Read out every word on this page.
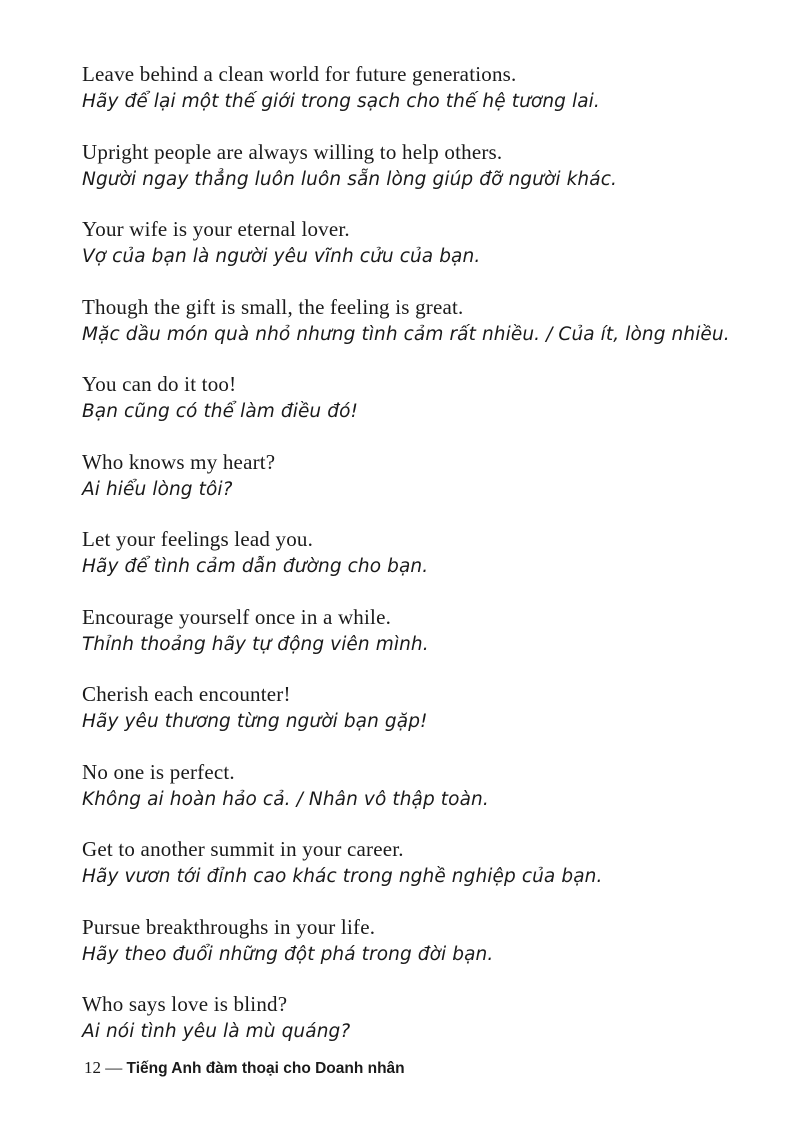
Leave behind a clean world for future generations.

Hãy để lại một thế giới trong sạch cho thế hệ tương lai.

Upright people are always willing to help others.

Người ngay thẳng luôn luôn sẵn lòng giúp đỡ người khác.

Your wife is your eternal lover.

Vợ của bạn là người yêu vĩnh cửu của bạn.

Though the gift is small, the feeling is great.

Mặc dầu món quà nhỏ nhưng tình cảm rất nhiều. / Của ít, lòng nhiều.

You can do it too!

Bạn cũng có thể làm điều đó!

Who knows my heart?

Ai hiểu lòng tôi?

Let your feelings lead you.

Hãy để tình cảm dẫn đường cho bạn.

Encourage yourself once in a while.

Thỉnh thoảng hãy tự động viên mình.

Cherish each encounter!

Hãy yêu thương từng người bạn gặp!

No one is perfect.

Không ai hoàn hảo cả. / Nhân vô thập toàn.

Get to another summit in your career.

Hãy vươn tới đỉnh cao khác trong nghề nghiệp của bạn.

Pursue breakthroughs in your life.

Hãy theo đuổi những đột phá trong đời bạn.

Who says love is blind?

Ai nói tình yêu là mù quáng?

12 — Tiếng Anh đàm thoại cho Doanh nhân
